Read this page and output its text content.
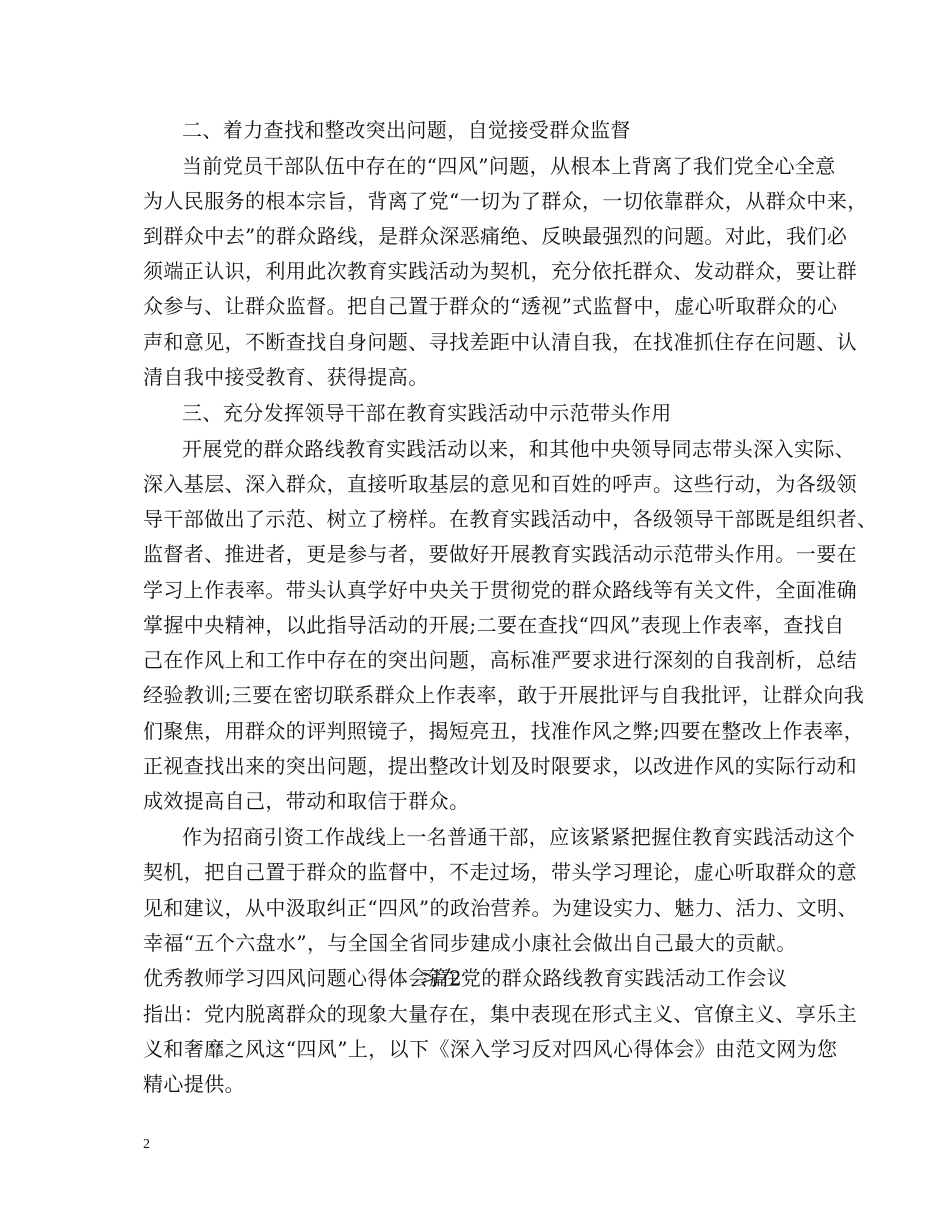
二、着力查找和整改突出问题，自觉接受群众监督
当前党员干部队伍中存在的“四风”问题，从根本上背离了我们党全心全意
为人民服务的根本宗旨，背离了党“一切为了群众，一切依靠群众，从群众中来，
到群众中去”的群众路线，是群众深恶痛绝、反映最强烈的问题。对此，我们必
须端正认识，利用此次教育实践活动为契机，充分依托群众、发动群众，要让群
众参与、让群众监督。把自己置于群众的“透视”式监督中，虚心听取群众的心
声和意见，不断查找自身问题、寻找差距中认清自我，在找准抓住存在问题、认
清自我中接受教育、获得提高。
三、充分发挥领导干部在教育实践活动中示范带头作用
开展党的群众路线教育实践活动以来，和其他中央领导同志带头深入实际、
深入基层、深入群众，直接听取基层的意见和百姓的呼声。这些行动，为各级领
导干部做出了示范、树立了榜样。在教育实践活动中，各级领导干部既是组织者、
监督者、推进者，更是参与者，要做好开展教育实践活动示范带头作用。一要在
学习上作表率。带头认真学好中央关于贯彻党的群众路线等有关文件，全面准确
掌握中央精神，以此指导活动的开展;二要在查找“四风”表现上作表率，查找自
己在作风上和工作中存在的突出问题，高标准严要求进行深刻的自我剖析，总结
经验教训;三要在密切联系群众上作表率，敢于开展批评与自我批评，让群众向我
们聚焦，用群众的评判照镜子，揭短亮丑，找准作风之弊;四要在整改上作表率，
正视查找出来的突出问题，提出整改计划及时限要求，以改进作风的实际行动和
成效提高自己，带动和取信于群众。
作为招商引资工作战线上一名普通干部，应该紧紧把握住教育实践活动这个
契机，把自己置于群众的监督中，不走过场，带头学习理论，虚心听取群众的意
见和建议，从中汲取纠正“四风”的政治营养。为建设实力、魅力、活力、文明、
幸福“五个六盘水”，与全国全省同步建成小康社会做出自己最大的贡献。
优秀教师学习四风问题心得体会篇2
习在党的群众路线教育实践活动工作会议
指出：党内脱离群众的现象大量存在，集中表现在形式主义、官僚主义、享乐主
义和奢靡之风这“四风”上，以下《深入学习反对四风心得体会》由范文网为您
精心提供。
2
